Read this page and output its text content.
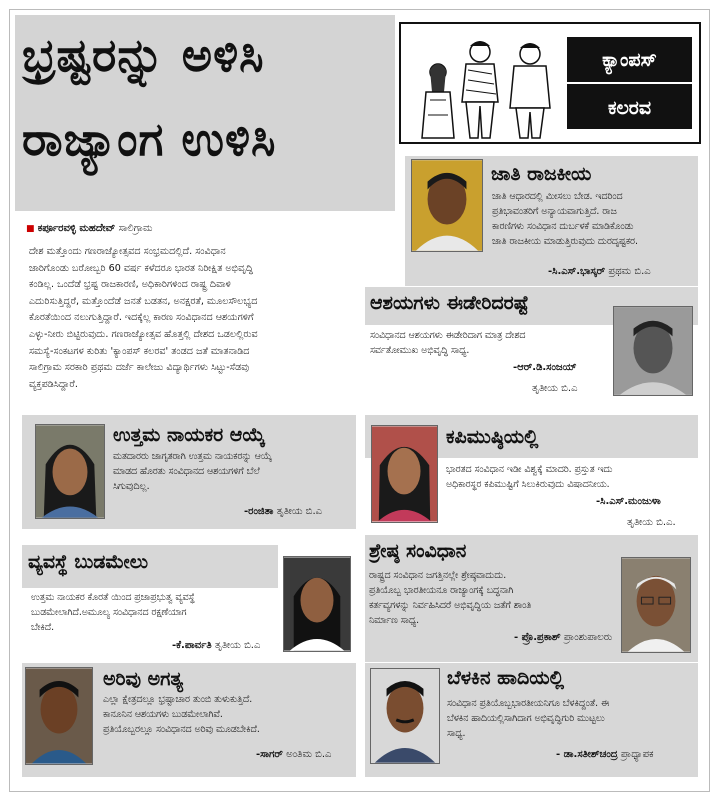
ಭ್ರಷ್ಟರನ್ನು ಅಳಿಸಿ
ರಾಜ್ಯಾಂಗ ಉಳಿಸಿ
ಕ್ಯಾಂಪಸ್
ಕಲರವ
■ ಕರ್ಪೂರವಳ್ಳಿ ಮಹದೇವ್ ಸಾಲಿಗ್ರಾಮ
ದೇಶ ಮತ್ತೊಂದು ಗಣರಾಜ್ಯೋತ್ಸವದ ಸಂಭ್ರಮದಲ್ಲಿದೆ. ಸಂವಿಧಾನ
ಜಾರಿಗೊಂಡು ಬರೋಬ್ಬರಿ 60 ವರ್ಷ ಕಳೆದರೂ ಭಾರತ ನಿರೀಕ್ಷಿತ ಅಭಿವೃದ್ಧಿ
ಕಂಡಿಲ್ಲ. ಒಂದೆಡೆ ಭ್ರಷ್ಟ ರಾಜಕಾರಣಿ, ಅಧಿಕಾರಿಗಳಿಂದ ರಾಷ್ಟ್ರ ದಿವಾಳಿ
ಎದುರಿಸುತ್ತಿದ್ದರೆ, ಮತ್ತೊಂದೆಡೆ ಜನತೆ ಬಡತನ, ಅನಕ್ಷರತೆ, ಮೂಲಸೌಲಭ್ಯದ
ಕೊರತೆಯಿಂದ ನಲುಗುತ್ತಿದ್ದಾರೆ. ಇದಕ್ಕೆಲ್ಲ ಕಾರಣ ಸಂವಿಧಾನದ ಆಶಯಗಳಿಗೆ
ಎಳ್ಳು-ನೀರು ಬಿಟ್ಟಿರುವುದು. ಗಣರಾಜ್ಯೋತ್ಸವ ಹೊತ್ತಲ್ಲಿ ದೇಶದ ಒಡಲಲ್ಲಿರುವ
ಸಮಸ್ಯೆ-ಸಂಕಟಗಳ ಕುರಿತು 'ಕ್ಯಾಂಪಸ್ ಕಲರವ' ತಂಡದ ಜತೆ ಮಾತನಾಡಿದ
ಸಾಲಿಗ್ರಾಮ ಸರಕಾರಿ ಪ್ರಥಮ ದರ್ಜೆ ಕಾಲೇಜು ವಿದ್ಯಾರ್ಥಿಗಳು ಸಿಟ್ಟು-ಸೆಡವು
ವ್ಯಕ್ತಪಡಿಸಿದ್ದಾರೆ.
ಜಾತಿ ರಾಜಕೀಯ
ಜಾತಿ ಆಧಾರದಲ್ಲಿ ಮೀಸಲು ಬೇಡ. ಇದರಿಂದ
ಪ್ರತಿಭಾವಂತರಿಗೆ ಅನ್ಯಾಯವಾಗುತ್ತಿದೆ. ರಾಜ
ಕಾರಣಿಗಳು ಸಂವಿಧಾನ ದುರ್ಬಳಕೆ ಮಾಡಿಕೊಂಡು
ಜಾತಿ ರಾಜಕೀಯ ಮಾಡುತ್ತಿರುವುದು ದುರದೃಷ್ಟಕರ.
-ಸಿ.ಎಸ್.ಭಾಸ್ಕರ್ ಪ್ರಥಮ ಬಿ.ಎ
ಆಶಯಗಳು ಈಡೇರಿದರಷ್ಟೆ
ಸಂವಿಧಾನದ ಆಶಯಗಳು ಈಡೇರಿದಾಗ ಮಾತ್ರ ದೇಶದ
ಸರ್ವತೋಮುಖ ಅಭಿವೃದ್ಧಿ ಸಾಧ್ಯ.
-ಆರ್.ಡಿ.ಸಂಜಯ್
ತೃತೀಯ ಬಿ.ಎ
ಉತ್ತಮ ನಾಯಕರ ಆಯ್ಕೆ
ಮತದಾರರು ಜಾಗೃತರಾಗಿ ಉತ್ತಮ ನಾಯಕರನ್ನು ಆಯ್ಕೆ
ಮಾಡದ ಹೊರತು ಸಂವಿಧಾನದ ಆಶಯಗಳಿಗೆ ಬೆಲೆ
ಸಿಗುವುದಿಲ್ಲ.
-ರಂಜಿತಾ ತೃತೀಯ ಬಿ.ಎ
ಕಪಿಮುಷ್ಠಿಯಲ್ಲಿ
ಭಾರತದ ಸಂವಿಧಾನ ಇಡೀ ವಿಶ್ವಕ್ಕೆ ಮಾದರಿ. ಪ್ರಸ್ತುತ ಇದು
ಅಧಿಕಾರಸ್ಥರ ಕಪಿಮುಷ್ಟಿಗೆ ಸಿಲುಕಿರುವುದು ವಿಷಾದನೀಯ.
-ಸಿ.ಎಸ್.ಮಂಜುಳಾ
ತೃತೀಯ ಬಿ.ಎ.
ವ್ಯವಸ್ಥೆ ಬುಡಮೇಲು
ಉತ್ತಮ ನಾಯಕರ ಕೊರತೆ ಯಿಂದ ಪ್ರಜಾಪ್ರಭುತ್ವ ವ್ಯವಸ್ಥೆ
ಬುಡಮೇಲಾಗಿದೆ.ಅಮೂಲ್ಯ ಸಂವಿಧಾನದ ರಕ್ಷಣೆಯಾಗ
ಬೇಕಿದೆ.
-ಕೆ.ಪಾರ್ವತಿ ತೃತೀಯ ಬಿ.ಎ
ಶ್ರೇಷ್ಠ ಸಂವಿಧಾನ
ರಾಷ್ಟ್ರದ ಸಂವಿಧಾನ ಜಗತ್ತಿನಲ್ಲೇ ಶ್ರೇಷ್ಠವಾದುದು.
ಪ್ರತಿಯೊಬ್ಬ ಭಾರತೀಯನೂ ರಾಜ್ಯಾಂಗಕ್ಕೆ ಬದ್ಧನಾಗಿ
ಕರ್ತವ್ಯಗಳನ್ನು ನಿರ್ವಹಿಸಿದರೆ ಅಭಿವೃದ್ಧಿಯ ಜತೆಗೆ ಶಾಂತಿ
ನಿರ್ಮಾಣ ಸಾಧ್ಯ.
- ಪ್ರೊ.ಪ್ರಕಾಶ್ ಪ್ರಾಂಶುಪಾಲರು
ಅರಿವು ಅಗತ್ಯ
ಎಲ್ಲಾ ಕ್ಷೇತ್ರದಲ್ಲೂ ಭ್ರಷ್ಟಾಚಾರ ತುಂಬಿ ತುಳುಕುತ್ತಿದೆ.
ಕಾನೂನಿನ ಆಶಯಗಳು ಬುಡಮೇಲಾಗಿವೆ.
ಪ್ರತಿಯೊಬ್ಬರಲ್ಲೂ ಸಂವಿಧಾನದ ಅರಿವು ಮೂಡಬೇಕಿದೆ.
-ಸಾಗರ್ ಅಂತಿಮ ಬಿ.ಎ
ಬೆಳಕಿನ ಹಾದಿಯಲ್ಲಿ
ಸಂವಿಧಾನ ಪ್ರತಿಯೊಬ್ಬಭಾರತೀಯನಿಗೂ ಬೆಳಕಿದ್ದಂತೆ. ಈ
ಬೆಳಕಿನ ಹಾದಿಯಲ್ಲಿಸಾಗಿದಾಗ ಅಭಿವೃದ್ಧಿಗುರಿ ಮುಟ್ಟಲು
ಸಾಧ್ಯ.
- ಡಾ.ಸತೀಶ್‌ಚಂದ್ರ ಪ್ರಾಧ್ಯಾಪಕ
